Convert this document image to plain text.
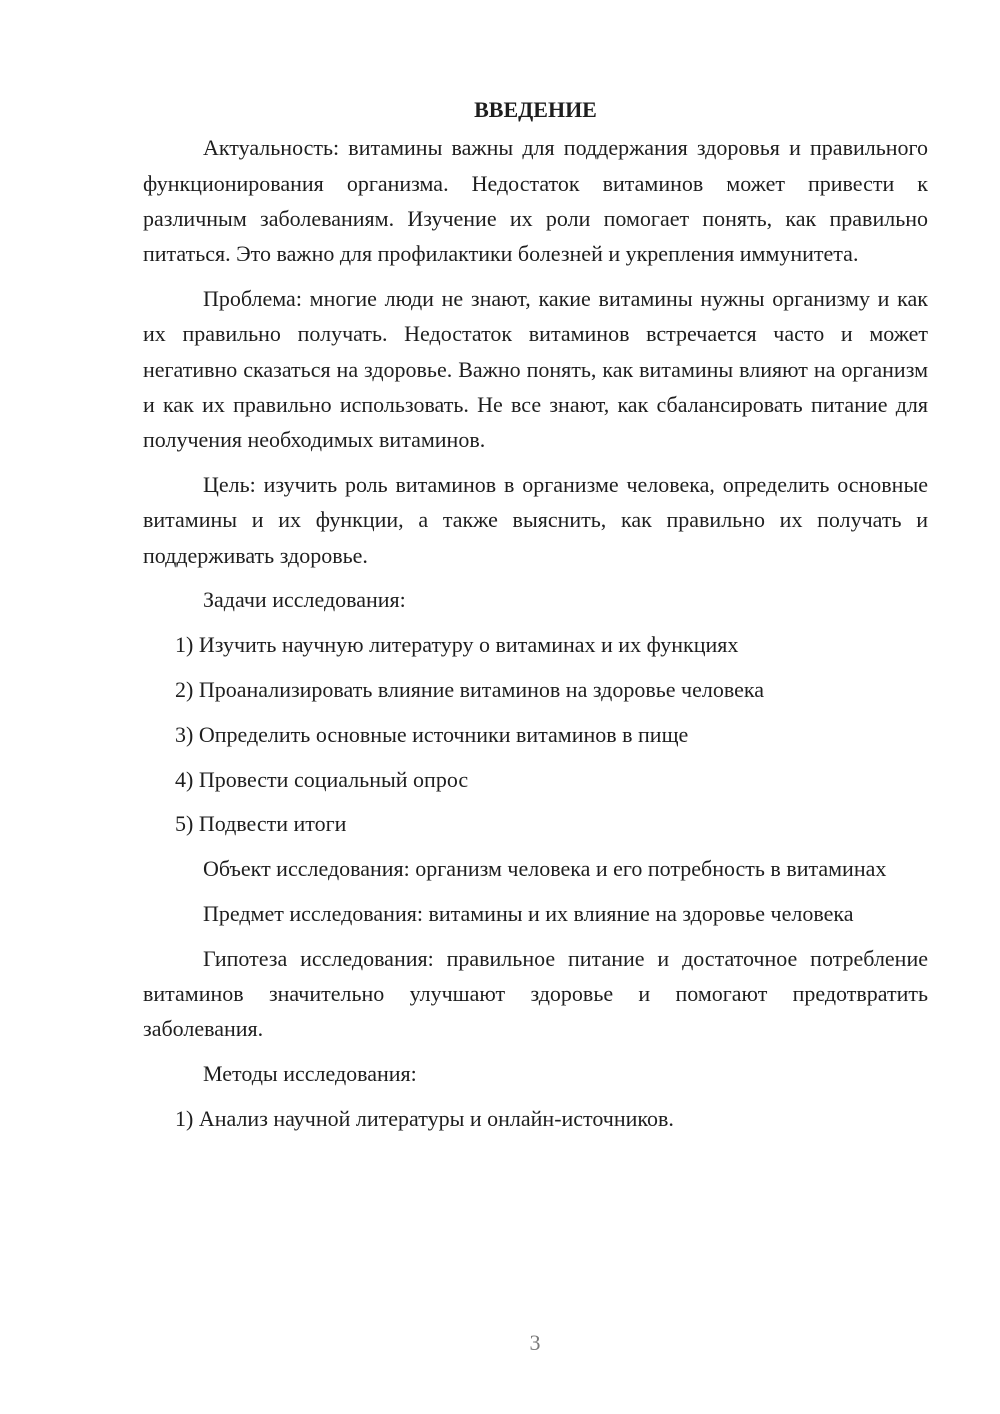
ВВЕДЕНИЕ

Актуальность: витамины важны для поддержания здоровья и правильного функционирования организма. Недостаток витаминов может привести к различным заболеваниям. Изучение их роли помогает понять, как правильно питаться. Это важно для профилактики болезней и укрепления иммунитета.

Проблема: многие люди не знают, какие витамины нужны организму и как их правильно получать. Недостаток витаминов встречается часто и может негативно сказаться на здоровье. Важно понять, как витамины влияют на организм и как их правильно использовать. Не все знают, как сбалансировать питание для получения необходимых витаминов.

Цель: изучить роль витаминов в организме человека, определить основные витамины и их функции, а также выяснить, как правильно их получать и поддерживать здоровье.

Задачи исследования:

1) Изучить научную литературу о витаминах и их функциях
2) Проанализировать влияние витаминов на здоровье человека
3) Определить основные источники витаминов в пище
4) Провести социальный опрос
5) Подвести итоги

Объект исследования: организм человека и его потребность в витаминах

Предмет исследования: витамины и их влияние на здоровье человека

Гипотеза исследования: правильное питание и достаточное потребление витаминов значительно улучшают здоровье и помогают предотвратить заболевания.

Методы исследования:

1) Анализ научной литературы и онлайн-источников.
3
